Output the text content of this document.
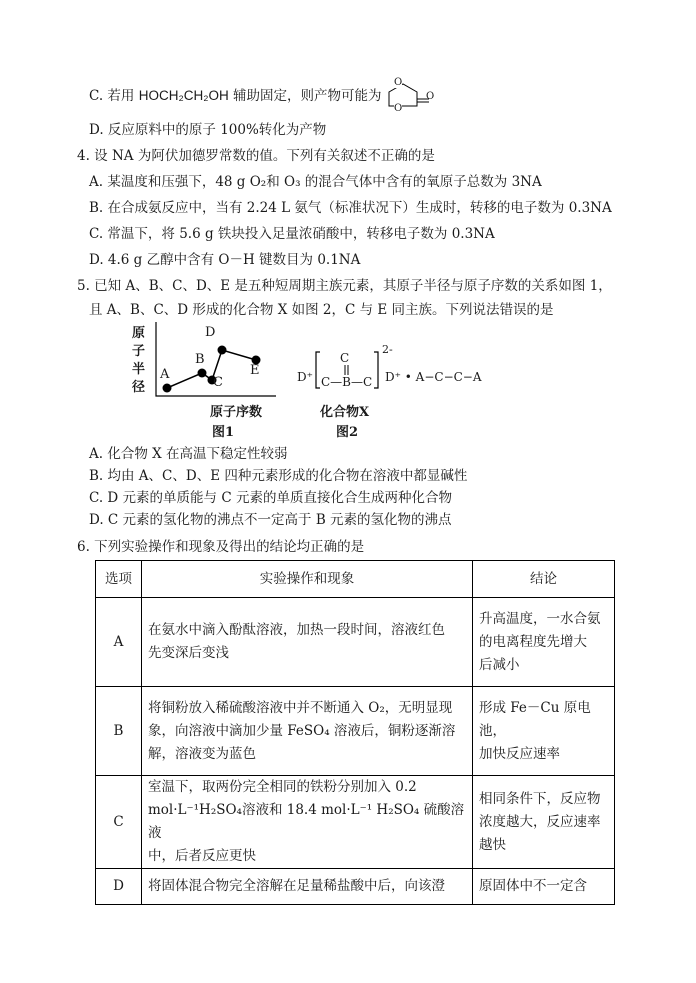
C. 若用 HOCH₂CH₂OH 辅助固定，则产物可能为
O
O
O
D. 反应原料中的原子 100%转化为产物
4. 设 NA 为阿伏加德罗常数的值。下列有关叙述不正确的是
A. 某温度和压强下，48 g O₂和 O₃ 的混合气体中含有的氧原子总数为 3NA
B. 在合成氨反应中，当有 2.24 L 氨气（标准状况下）生成时，转移的电子数为 0.3NA
C. 常温下，将 5.6 g 铁块投入足量浓硝酸中，转移电子数为 0.3NA
D. 4.6 g 乙醇中含有 O－H 键数目为 0.1NA
5. 已知 A、B、C、D、E 是五种短周期主族元素，其原子半径与原子序数的关系如图 1，
且 A、B、C、D 形成的化合物 X 如图 2，C 与 E 同主族。下列说法错误的是
原
子
半
径
A
B
C
D
E
原子序数
图1
D⁺
C
C—B—C
2-
D⁺ • A−C−C−A
化合物X
图2
A. 化合物 X 在高温下稳定性较弱
B. 均由 A、C、D、E 四种元素形成的化合物在溶液中都显碱性
C. D 元素的单质能与 C 元素的单质直接化合生成两种化合物
D. C 元素的氢化物的沸点不一定高于 B 元素的氢化物的沸点
6. 下列实验操作和现象及得出的结论均正确的是
选项	实验操作和现象	结论
A	在氨水中滴入酚酞溶液，加热一段时间，溶液红色
先变深后变浅	升高温度，一水合氨
的电离程度先增大
后减小

B	将铜粉放入稀硫酸溶液中并不断通入 O₂，无明显现
象，向溶液中滴加少量 FeSO₄ 溶液后，铜粉逐渐溶
解，溶液变为蓝色	形成 Fe－Cu 原电池，
加快反应速率

C	室温下，取两份完全相同的铁粉分别加入 0.2
mol·L⁻¹H₂SO₄溶液和 18.4 mol·L⁻¹ H₂SO₄ 硫酸溶液
中，后者反应更快	相同条件下，反应物
浓度越大，反应速率
越快

D	将固体混合物完全溶解在足量稀盐酸中后，向该澄	原固体中不一定含
